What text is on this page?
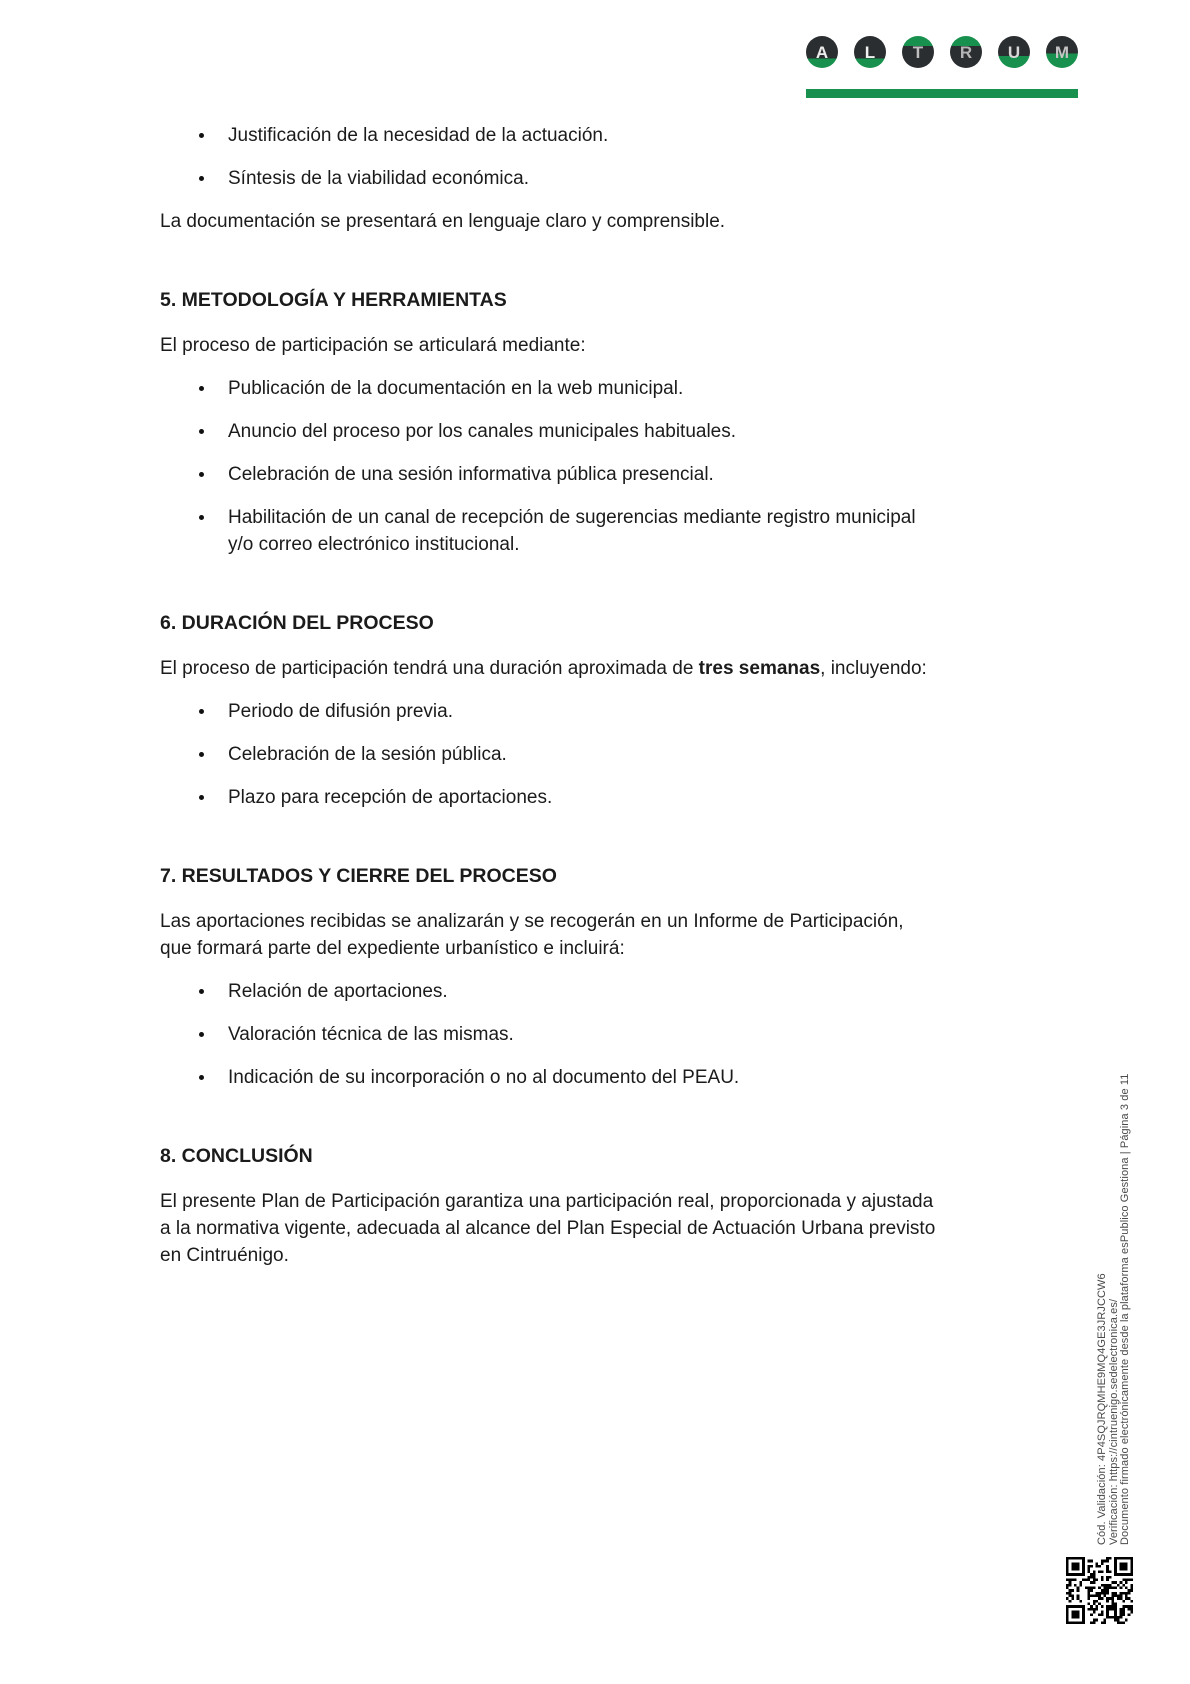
A	L	T	R	U	M
Justificación de la necesidad de la actuación.
Síntesis de la viabilidad económica.

La documentación se presentará en lenguaje claro y comprensible.

5. METODOLOGÍA Y HERRAMIENTAS

El proceso de participación se articulará mediante:

Publicación de la documentación en la web municipal.
Anuncio del proceso por los canales municipales habituales.
Celebración de una sesión informativa pública presencial.
Habilitación de un canal de recepción de sugerencias mediante registro municipal y/o correo electrónico institucional.
6. DURACIÓN DEL PROCESO

El proceso de participación tendrá una duración aproximada de tres semanas, incluyendo:

Periodo de difusión previa.
Celebración de la sesión pública.
Plazo para recepción de aportaciones.
7. RESULTADOS Y CIERRE DEL PROCESO

Las aportaciones recibidas se analizarán y se recogerán en un Informe de Participación, que formará parte del expediente urbanístico e incluirá:

Relación de aportaciones.
Valoración técnica de las mismas.
Indicación de su incorporación o no al documento del PEAU.
8. CONCLUSIÓN

El presente Plan de Participación garantiza una participación real, proporcionada y ajustada a la normativa vigente, adecuada al alcance del Plan Especial de Actuación Urbana previsto en Cintruénigo.

Cód. Validación: 4P4SQJRQMHE9MQ4GE3JRJCCW6 Verificación: https://cintruenigo.sedelectronica.es/ Documento firmado electrónicamente desde la plataforma esPublico Gestiona | Página 3 de 11
